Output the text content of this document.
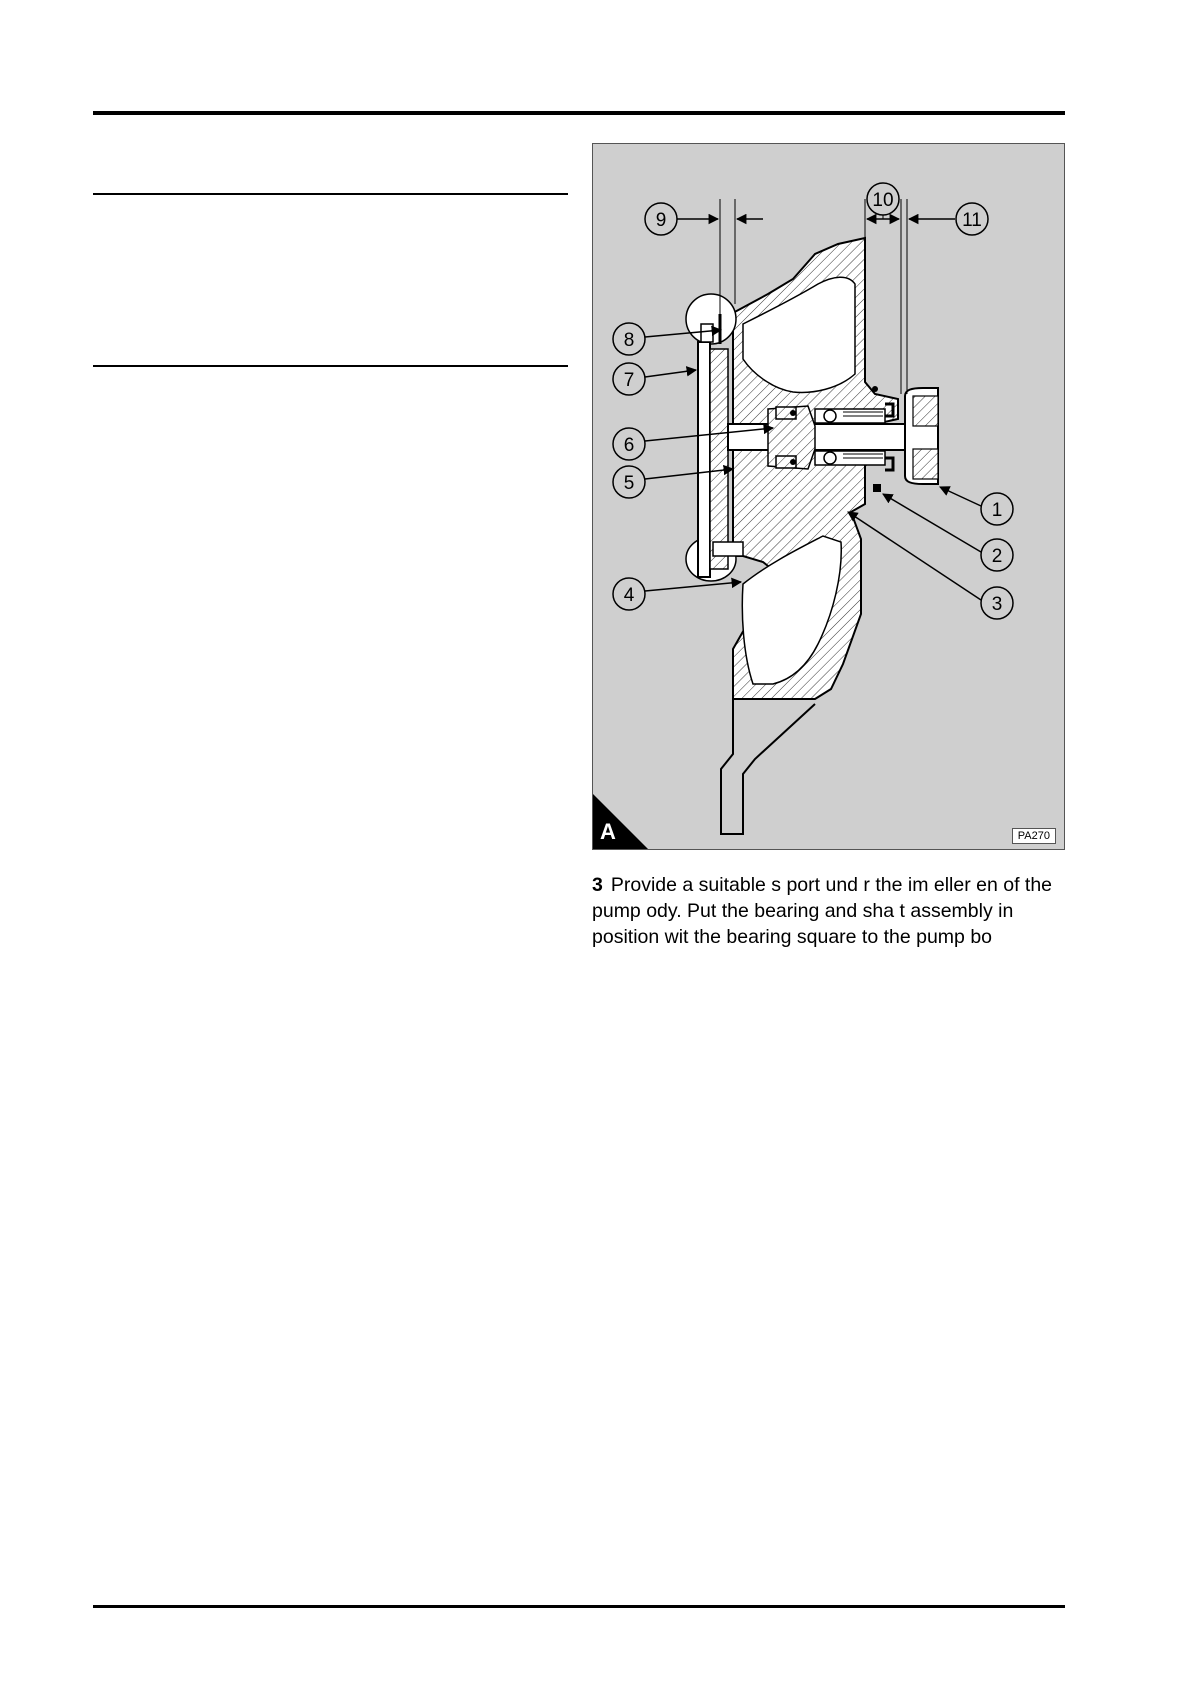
9
10
11
8
7
6
5
4
1
2
3
A	PA270
3 Provide a suitable s port und r the im eller en of the pump ody. Put the bearing and sha t assembly in position wit the bearing square to the pump bo
